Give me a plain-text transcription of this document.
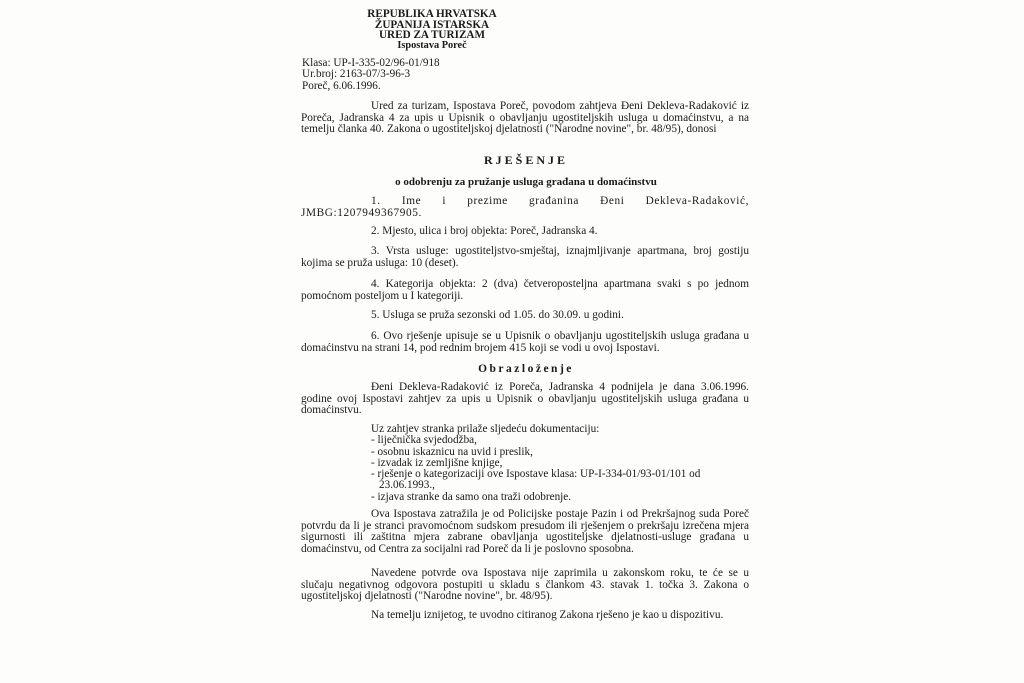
REPUBLIKA HRVATSKA
ŽUPANIJA ISTARSKA
URED ZA TURIZAM
Ispostava Poreč
Klasa: UP-I-335-02/96-01/918
Ur.broj: 2163-07/3-96-3
Poreč, 6.06.1996.
Ured za turizam, Ispostava Poreč, povodom zahtjeva Đeni Dekleva-Radaković iz Poreča, Jadranska 4 za upis u Upisnik o obavljanju ugostiteljskih usluga u domaćinstvu, a na temelju članka 40. Zakona o ugostiteljskoj djelatnosti ("Narodne novine", br. 48/95), donosi
RJEŠENJE
o odobrenju za pružanje usluga građana u domaćinstvu
1. Ime i prezime građanina Đeni Dekleva-Radaković, JMBG:1207949367905.
2. Mjesto, ulica i broj objekta: Poreč, Jadranska 4.
3. Vrsta usluge: ugostiteljstvo-smještaj, iznajmljivanje apartmana, broj gostiju kojima se pruža usluga: 10 (deset).
4. Kategorija objekta: 2 (dva) četveroposteljna apartmana svaki s po jednom pomoćnom posteljom u I kategoriji.
5. Usluga se pruža sezonski od 1.05. do 30.09. u godini.
6. Ovo rješenje upisuje se u Upisnik o obavljanju ugostiteljskih usluga građana u domaćinstvu na strani 14, pod rednim brojem 415 koji se vodi u ovoj Ispostavi.
Obrazloženje
Đeni Dekleva-Radaković iz Poreča, Jadranska 4 podnijela je dana 3.06.1996. godine ovoj Ispostavi zahtjev za upis u Upisnik o obavljanju ugostiteljskih usluga građana u domaćinstvu.
Uz zahtjev stranka prilaže sljedeću dokumentaciju:
- liječnička svjedodžba,
- osobnu iskaznicu na uvid i preslik,
- izvadak iz zemljišne knjige,
- rješenje o kategorizaciji ove Ispostave klasa: UP-I-334-01/93-01/101 od
23.06.1993.,
- izjava stranke da samo ona traži odobrenje.
Ova Ispostava zatražila je od Policijske postaje Pazin i od Prekršajnog suda Poreč potvrdu da li je stranci pravomoćnom sudskom presudom ili rješenjem o prekršaju izrečena mjera sigurnosti ili zaštitna mjera zabrane obavljanja ugostiteljske djelatnosti-usluge građana u domaćinstvu, od Centra za socijalni rad Poreč da li je poslovno sposobna.
Navedene potvrde ova Ispostava nije zaprimila u zakonskom roku, te će se u slučaju negativnog odgovora postupiti u skladu s člankom 43. stavak 1. točka 3. Zakona o ugostiteljskoj djelatnosti ("Narodne novine", br. 48/95).
Na temelju iznijetog, te uvodno citiranog Zakona rješeno je kao u dispozitivu.
